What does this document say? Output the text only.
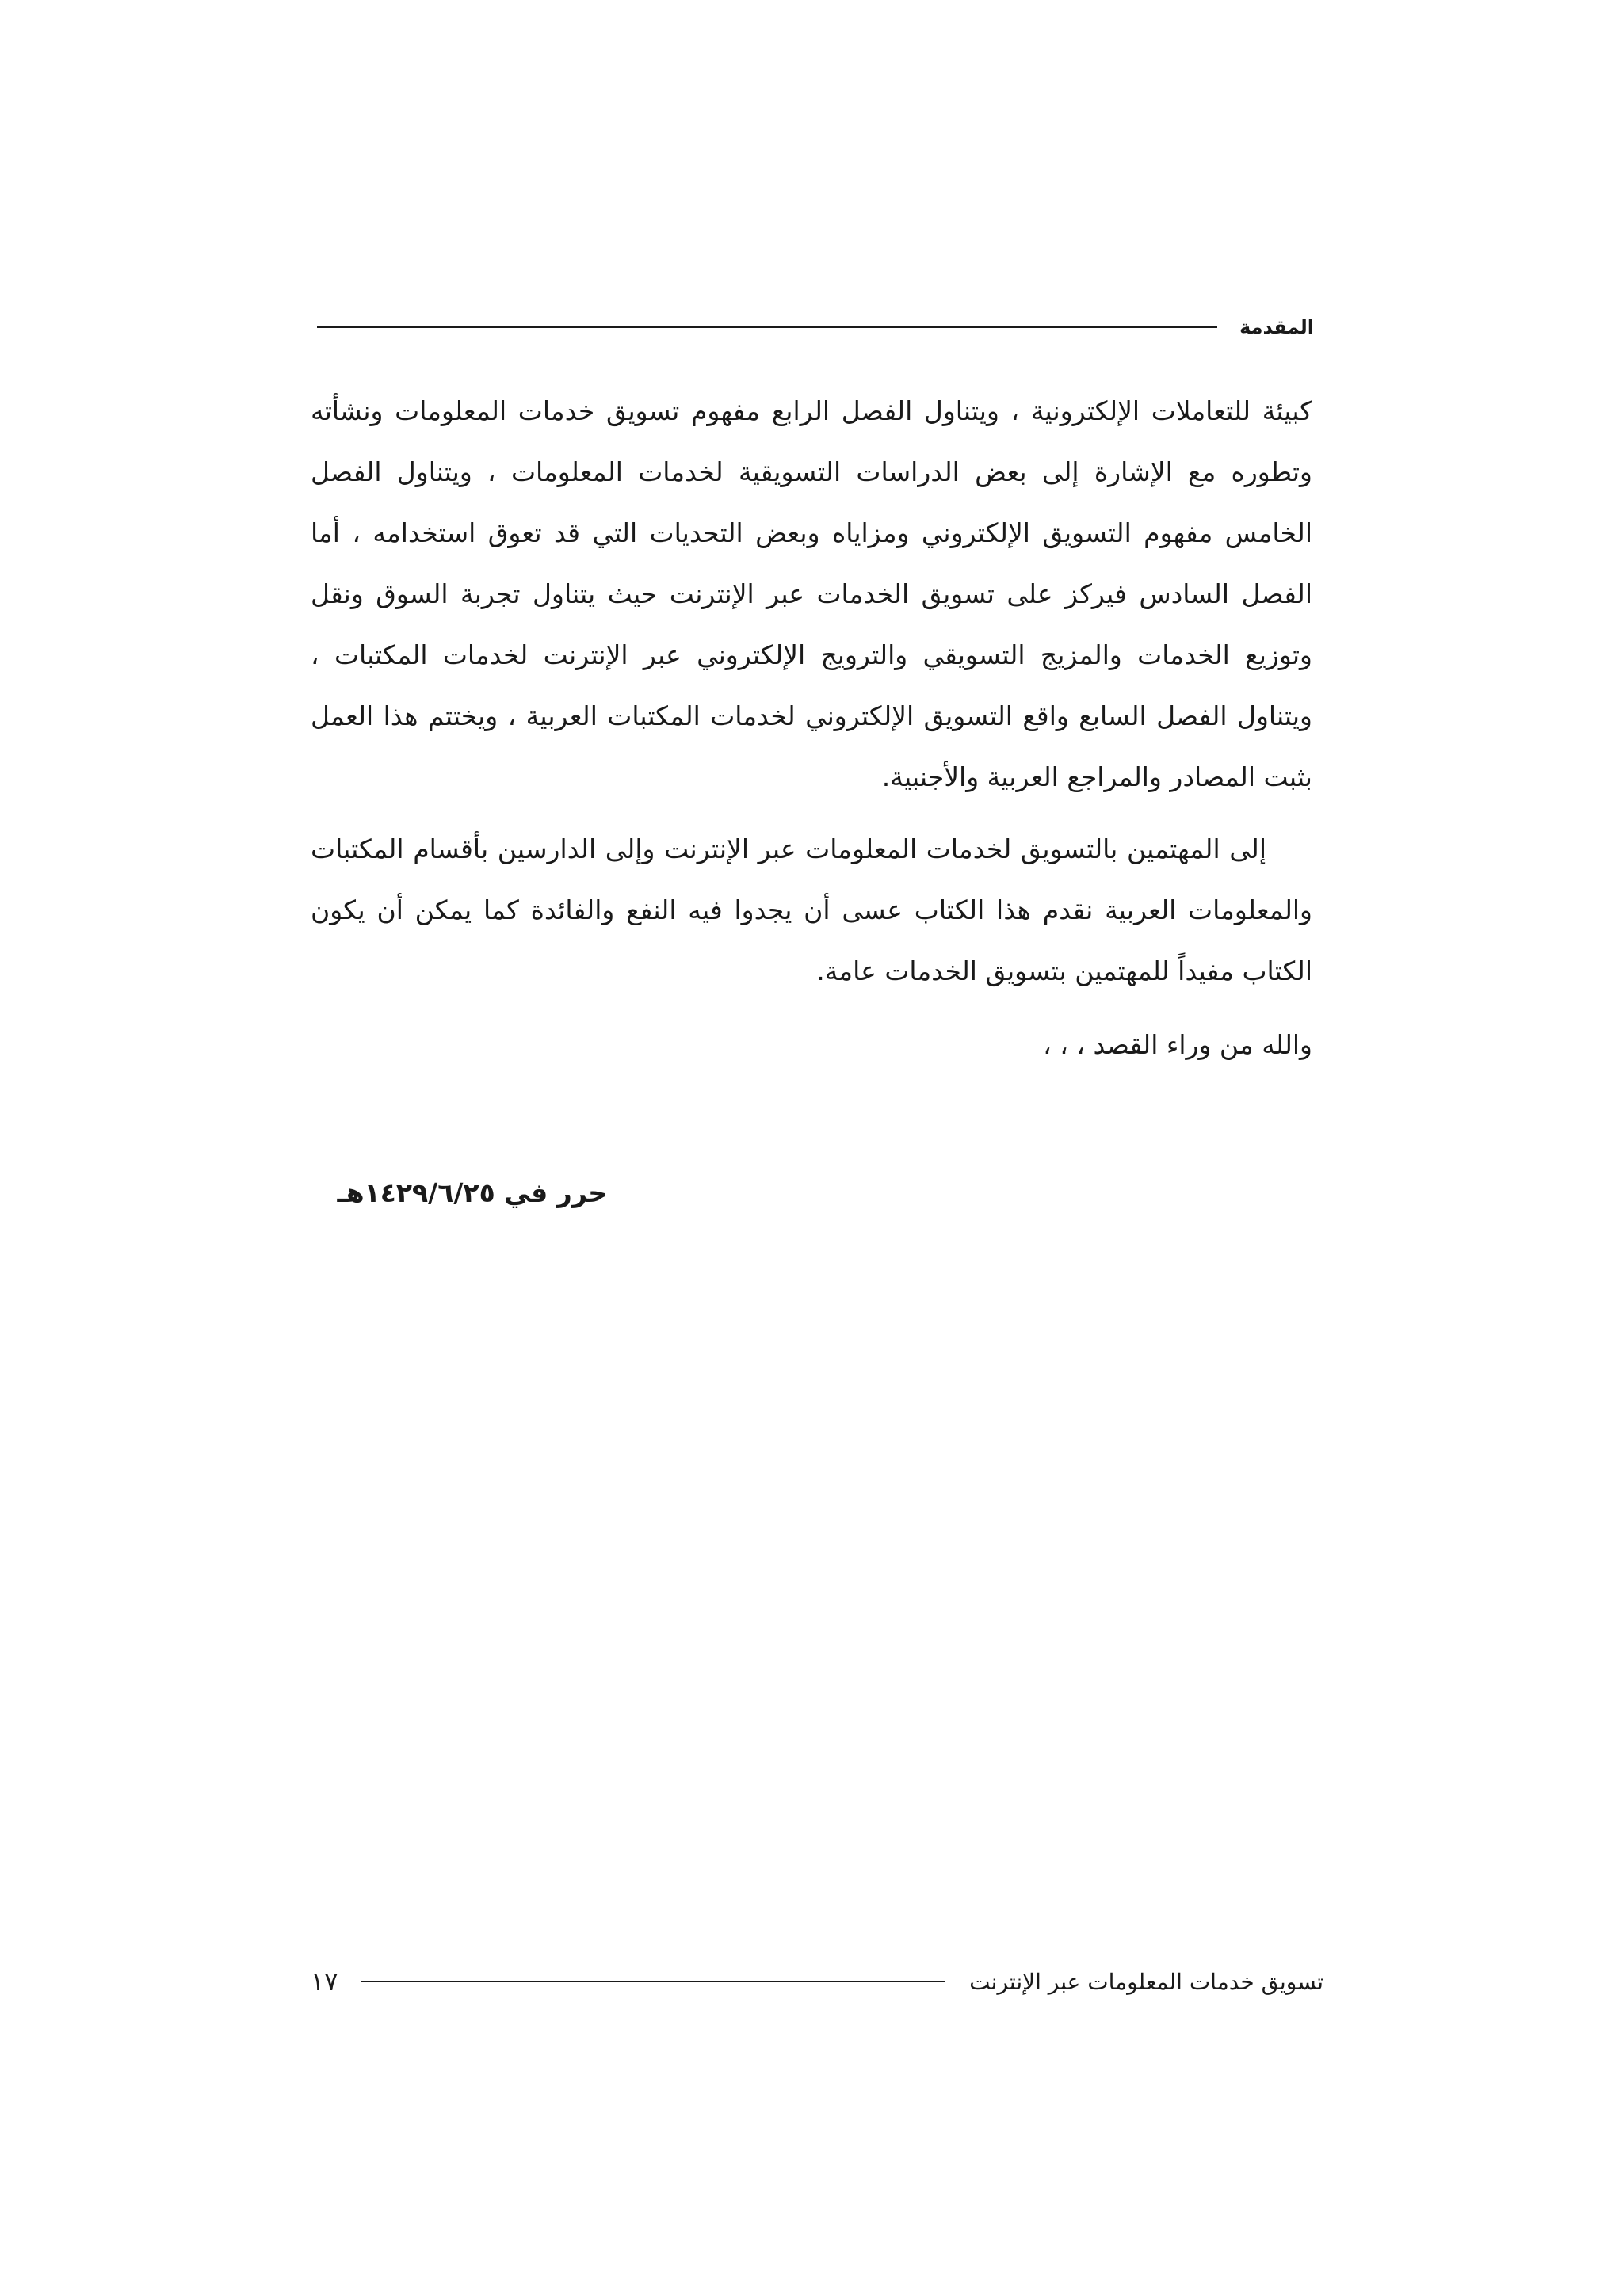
المقدمة

كبيئة للتعاملات الإلكترونية ، ويتناول الفصل الرابع مفهوم تسويق خدمات المعلومات ونشأته وتطوره مع الإشارة إلى بعض الدراسات التسويقية لخدمات المعلومات ، ويتناول الفصل الخامس مفهوم التسويق الإلكتروني ومزاياه وبعض التحديات التي قد تعوق استخدامه ، أما الفصل السادس فيركز على تسويق الخدمات عبر الإنترنت حيث يتناول تجربة السوق ونقل وتوزيع الخدمات والمزيج التسويقي والترويج الإلكتروني عبر الإنترنت لخدمات المكتبات ، ويتناول الفصل السابع واقع التسويق الإلكتروني لخدمات المكتبات العربية ، ويختتم هذا العمل بثبت المصادر والمراجع العربية والأجنبية.

إلى المهتمين بالتسويق لخدمات المعلومات عبر الإنترنت وإلى الدارسين بأقسام المكتبات والمعلومات العربية نقدم هذا الكتاب عسى أن يجدوا فيه النفع والفائدة كما يمكن أن يكون الكتاب مفيداً للمهتمين بتسويق الخدمات عامة.

والله من وراء القصد ، ، ،

حرر في ١٤٢٩/٦/٢٥هـ
تسويق خدمات المعلومات عبر الإنترنت
١٧
